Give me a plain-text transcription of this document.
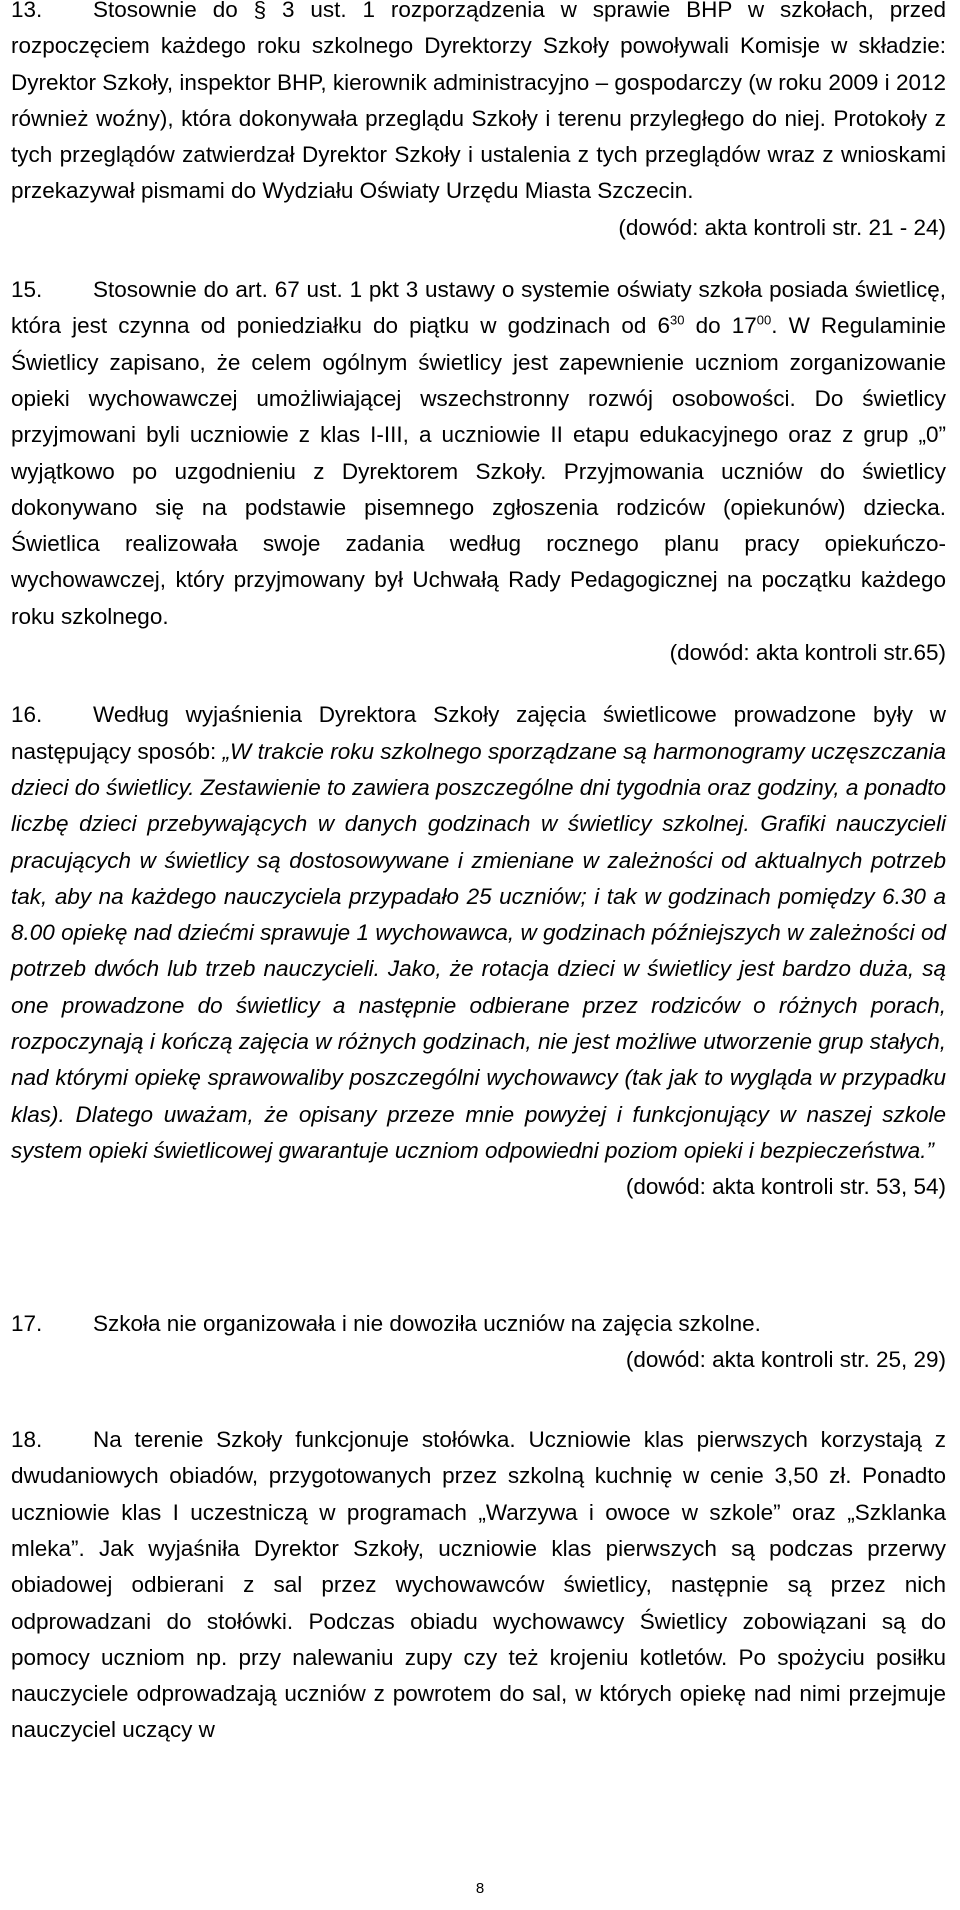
13. Stosownie do § 3 ust. 1 rozporządzenia w sprawie BHP w szkołach, przed rozpoczęciem każdego roku szkolnego Dyrektorzy Szkoły powoływali Komisje w składzie: Dyrektor Szkoły, inspektor BHP, kierownik administracyjno – gospodarczy (w roku 2009 i 2012 również woźny), która dokonywała przeglądu Szkoły i terenu przyległego do niej. Protokoły z tych przeglądów zatwierdzał Dyrektor Szkoły i ustalenia z tych przeglądów wraz z wnioskami przekazywał pismami do Wydziału Oświaty Urzędu Miasta Szczecin.

(dowód: akta kontroli str. 21 - 24)

15. Stosownie do art. 67 ust. 1 pkt 3 ustawy o systemie oświaty szkoła posiada świetlicę, która jest czynna od poniedziałku do piątku w godzinach od $6^{30}$ do $17^{00}$. W Regulaminie Świetlicy zapisano, że celem ogólnym świetlicy jest zapewnienie uczniom zorganizowanie opieki wychowawczej umożliwiającej wszechstronny rozwój osobowości. Do świetlicy przyjmowani byli uczniowie z klas I-III, a uczniowie II etapu edukacyjnego oraz z grup „0” wyjątkowo po uzgodnieniu z Dyrektorem Szkoły. Przyjmowania uczniów do świetlicy dokonywano się na podstawie pisemnego zgłoszenia rodziców (opiekunów) dziecka. Świetlica realizowała swoje zadania według rocznego planu pracy opiekuńczo-wychowawczej, który przyjmowany był Uchwałą Rady Pedagogicznej na początku każdego roku szkolnego.

(dowód: akta kontroli str.65)

16. Według wyjaśnienia Dyrektora Szkoły zajęcia świetlicowe prowadzone były w następujący sposób: „W trakcie roku szkolnego sporządzane są harmonogramy uczęszczania dzieci do świetlicy. Zestawienie to zawiera poszczególne dni tygodnia oraz godziny, a ponadto liczbę dzieci przebywających w danych godzinach w świetlicy szkolnej. Grafiki nauczycieli pracujących w świetlicy są dostosowywane i zmieniane w zależności od aktualnych potrzeb tak, aby na każdego nauczyciela przypadało 25 uczniów; i tak w godzinach pomiędzy 6.30 a 8.00 opiekę nad dziećmi sprawuje 1 wychowawca, w godzinach późniejszych w zależności od potrzeb dwóch lub trzeb nauczycieli. Jako, że rotacja dzieci w świetlicy jest bardzo duża, są one prowadzone do świetlicy a następnie odbierane przez rodziców o różnych porach, rozpoczynają i kończą zajęcia w różnych godzinach, nie jest możliwe utworzenie grup stałych, nad którymi opiekę sprawowaliby poszczególni wychowawcy (tak jak to wygląda w przypadku klas). Dlatego uważam, że opisany przeze mnie powyżej i funkcjonujący w naszej szkole system opieki świetlicowej gwarantuje uczniom odpowiedni poziom opieki i bezpieczeństwa.”

(dowód: akta kontroli str. 53, 54)

17. Szkoła nie organizowała i nie dowoziła uczniów na zajęcia szkolne.

(dowód: akta kontroli str. 25, 29)

18. Na terenie Szkoły funkcjonuje stołówka. Uczniowie klas pierwszych korzystają z dwudaniowych obiadów, przygotowanych przez szkolną kuchnię w cenie 3,50 zł. Ponadto uczniowie klas I uczestniczą w programach „Warzywa i owoce w szkole” oraz „Szklanka mleka”. Jak wyjaśniła Dyrektor Szkoły, uczniowie klas pierwszych są podczas przerwy obiadowej odbierani z sal przez wychowawców świetlicy, następnie są przez nich odprowadzani do stołówki. Podczas obiadu wychowawcy Świetlicy zobowiązani są do pomocy uczniom np. przy nalewaniu zupy czy też krojeniu kotletów. Po spożyciu posiłku nauczyciele odprowadzają uczniów z powrotem do sal, w których opiekę nad nimi przejmuje nauczyciel uczący w

8
